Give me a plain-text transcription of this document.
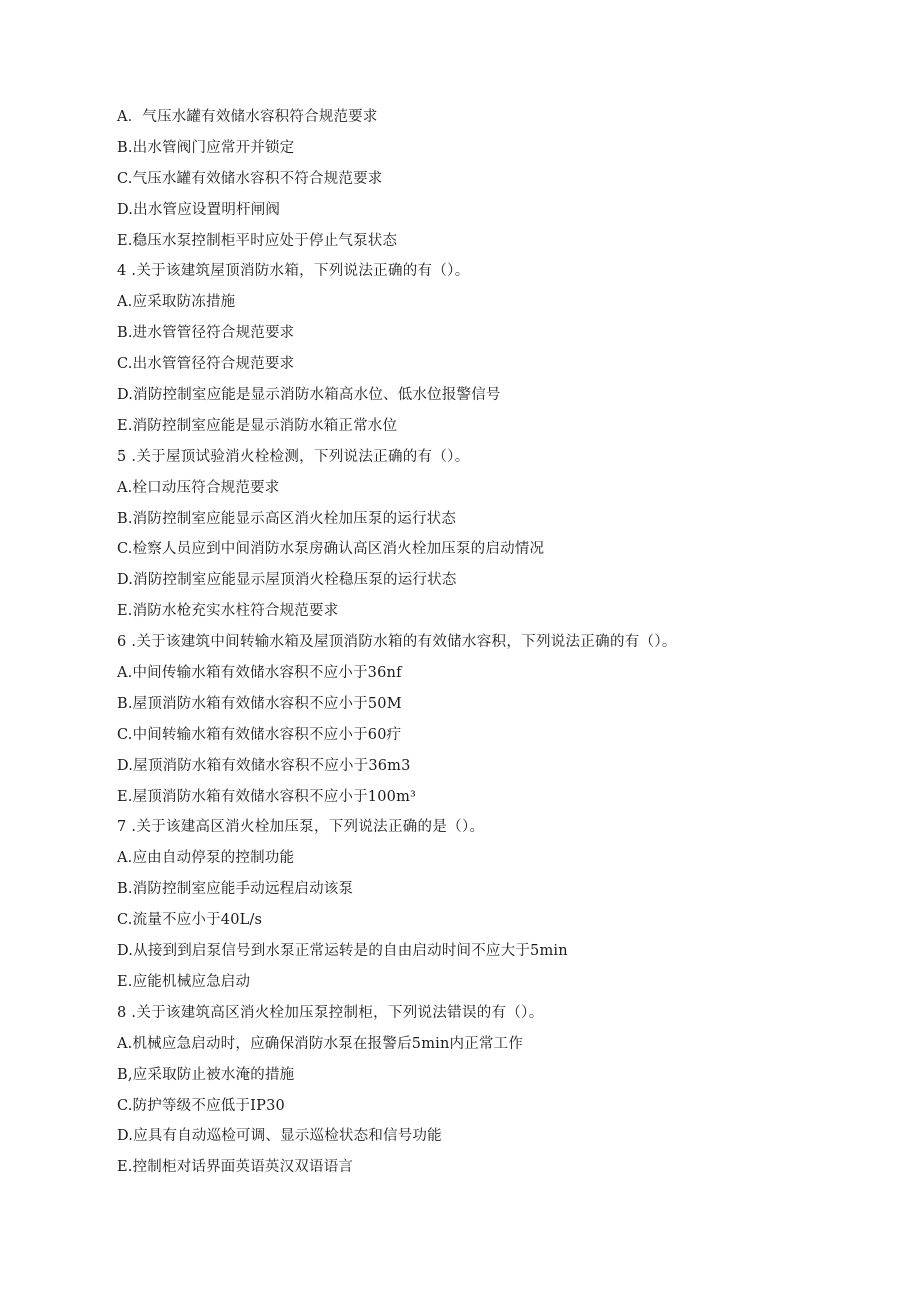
A．气压水罐有效储水容积符合规范要求
B.出水管阀门应常开并锁定
C.气压水罐有效储水容积不符合规范要求
D.出水管应设置明杆闸阀
E.稳压水泵控制柜平时应处于停止气泵状态
4 .关于该建筑屋顶消防水箱，下列说法正确的有（）。
A.应采取防冻措施
B.进水管管径符合规范要求
C.出水管管径符合规范要求
D.消防控制室应能是显示消防水箱高水位、低水位报警信号
E.消防控制室应能是显示消防水箱正常水位
5 .关于屋顶试验消火栓检测，下列说法正确的有（）。
A.栓口动压符合规范要求
B.消防控制室应能显示高区消火栓加压泵的运行状态
C.检察人员应到中间消防水泵房确认高区消火栓加压泵的启动情况
D.消防控制室应能显示屋顶消火栓稳压泵的运行状态
E.消防水枪充实水柱符合规范要求
6 .关于该建筑中间转输水箱及屋顶消防水箱的有效储水容积，下列说法正确的有（）。
A.中间传输水箱有效储水容积不应小于36nf
B.屋顶消防水箱有效储水容积不应小于50M
C.中间转输水箱有效储水容积不应小于60疔
D.屋顶消防水箱有效储水容积不应小于36m3
E.屋顶消防水箱有效储水容积不应小于100m³
7 .关于该建高区消火栓加压泵，下列说法正确的是（）。
A.应由自动停泵的控制功能
B.消防控制室应能手动远程启动该泵
C.流量不应小于40L/s
D.从接到到启泵信号到水泵正常运转是的自由启动时间不应大于5min
E.应能机械应急启动
8 .关于该建筑高区消火栓加压泵控制柜，下列说法错误的有（）。
A.机械应急启动时，应确保消防水泵在报警后5min内正常工作
B,应采取防止被水淹的措施
C.防护等级不应低于IP30
D.应具有自动巡检可调、显示巡检状态和信号功能
E.控制柜对话界面英语英汉双语语言
